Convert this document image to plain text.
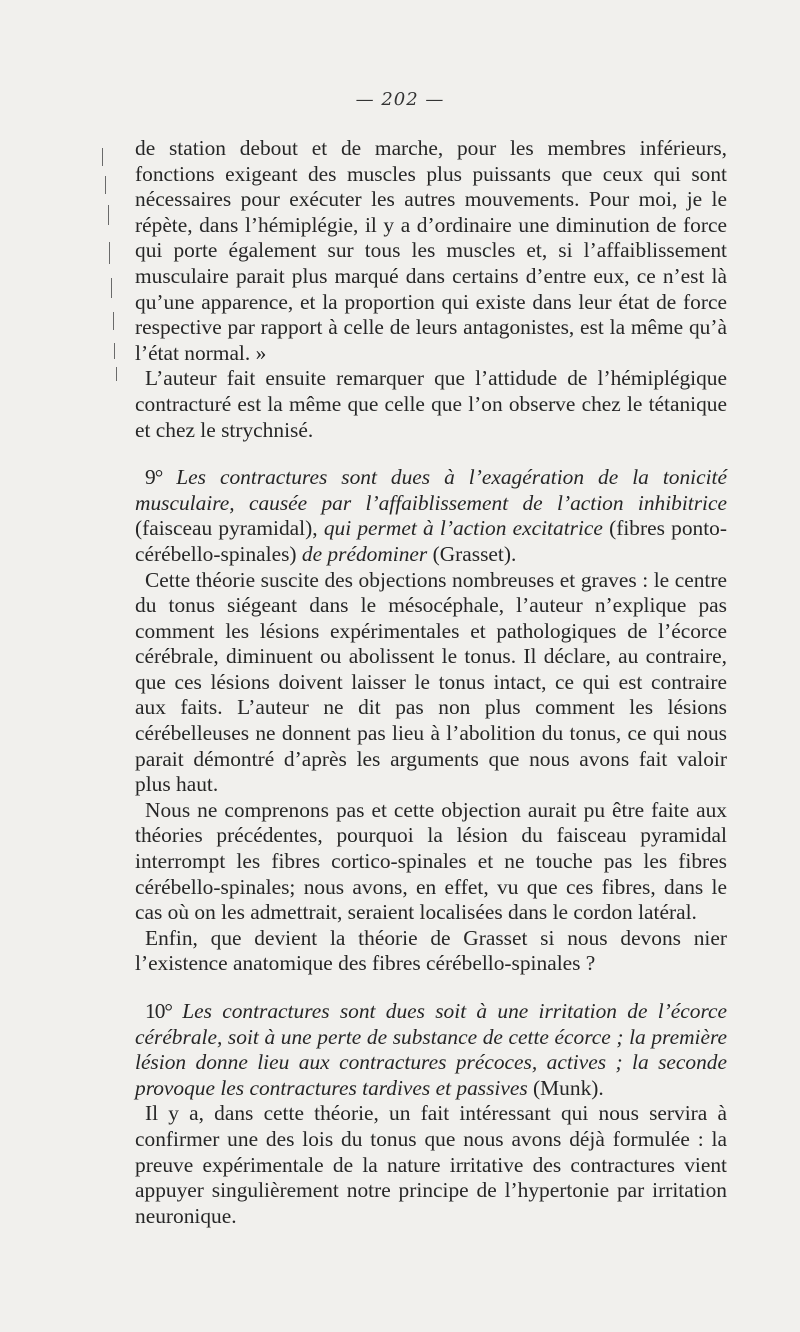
— 202 —

de station debout et de marche, pour les membres inférieurs, fonctions exigeant des muscles plus puissants que ceux qui sont nécessaires pour exécuter les autres mouvements. Pour moi, je le répète, dans l’hémiplégie, il y a d’ordinaire une diminution de force qui porte également sur tous les muscles et, si l’affaiblissement musculaire parait plus marqué dans certains d’entre eux, ce n’est là qu’une apparence, et la proportion qui existe dans leur état de force respective par rapport à celle de leurs antagonistes, est la même qu’à l’état normal. »

L’auteur fait ensuite remarquer que l’attidude de l’hémiplégique contracturé est la même que celle que l’on observe chez le tétanique et chez le strychnisé.

9° Les contractures sont dues à l’exagération de la tonicité musculaire, causée par l’affaiblissement de l’action inhibitrice (faisceau pyramidal), qui permet à l’action excitatrice (fibres ponto-cérébello-spinales) de prédominer (Grasset).

Cette théorie suscite des objections nombreuses et graves : le centre du tonus siégeant dans le mésocéphale, l’auteur n’explique pas comment les lésions expérimentales et pathologiques de l’écorce cérébrale, diminuent ou abolissent le tonus. Il déclare, au contraire, que ces lésions doivent laisser le tonus intact, ce qui est contraire aux faits. L’auteur ne dit pas non plus comment les lésions cérébelleuses ne donnent pas lieu à l’abolition du tonus, ce qui nous parait démontré d’après les arguments que nous avons fait valoir plus haut.

Nous ne comprenons pas et cette objection aurait pu être faite aux théories précédentes, pourquoi la lésion du faisceau pyramidal interrompt les fibres cortico-spinales et ne touche pas les fibres cérébello-spinales; nous avons, en effet, vu que ces fibres, dans le cas où on les admettrait, seraient localisées dans le cordon latéral.

Enfin, que devient la théorie de Grasset si nous devons nier l’existence anatomique des fibres cérébello-spinales ?

10° Les contractures sont dues soit à une irritation de l’écorce cérébrale, soit à une perte de substance de cette écorce ; la première lésion donne lieu aux contractures précoces, actives ; la seconde provoque les contractures tardives et passives (Munk).

Il y a, dans cette théorie, un fait intéressant qui nous servira à confirmer une des lois du tonus que nous avons déjà formulée : la preuve expérimentale de la nature irritative des contractures vient appuyer singulièrement notre principe de l’hypertonie par irritation neuronique.
